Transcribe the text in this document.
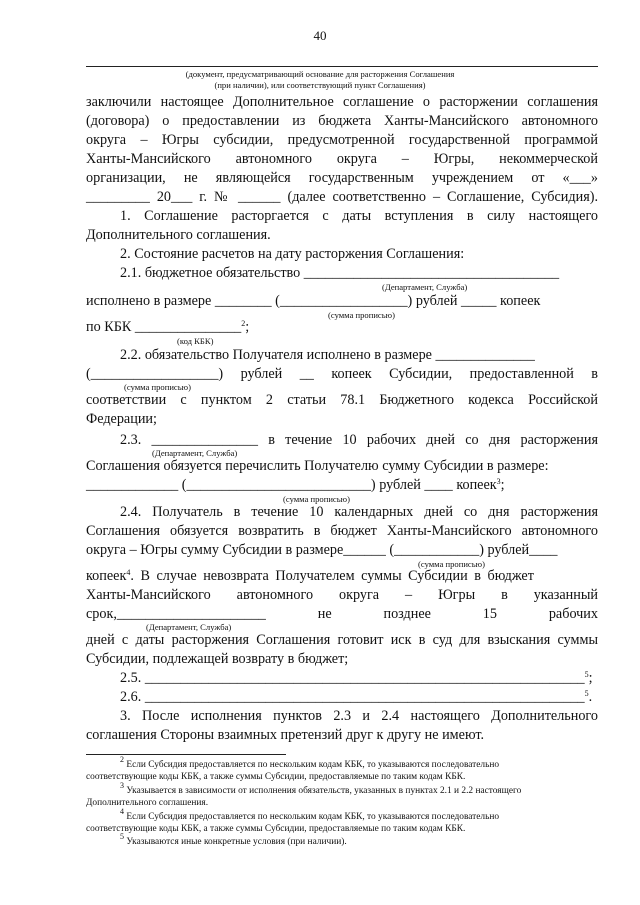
40
(документ, предусматривающий основание для расторжения Соглашения
(при наличии), или соответствующий пункт Соглашения)
заключили настоящее Дополнительное соглашение о расторжении соглашения
(договора) о предоставлении из бюджета Ханты-Мансийского автономного
округа – Югры субсидии, предусмотренной государственной программой
Ханты-Мансийского автономного округа – Югры, некоммерческой
организации, не являющейся государственным учреждением от «___»
_________ 20___ г. № ______ (далее соответственно – Соглашение, Субсидия).
1. Соглашение расторгается с даты вступления в силу настоящего
Дополнительного соглашения.
2. Состояние расчетов на дату расторжения Соглашения:
2.1. бюджетное обязательство ____________________________________
(Департамент, Служба)
исполнено в размере ________ (__________________) рублей _____ копеек
(сумма прописью)
по КБК _______________$^2$;
(код КБК)
2.2. обязательство Получателя исполнено в размере ______________
(__________________) рублей __ копеек Субсидии, предоставленной в
(сумма прописью)
соответствии с пунктом 2 статьи 78.1 Бюджетного кодекса Российской
Федерации;
2.3. _______________ в течение 10 рабочих дней со дня расторжения
(Департамент, Служба)
Соглашения обязуется перечислить Получателю сумму Субсидии в размере:
_____________ (__________________________) рублей ____ копеек$^3$;
(сумма прописью)
2.4. Получатель в течение 10 календарных дней со дня расторжения
Соглашения обязуется возвратить в бюджет Ханты-Мансийского автономного
округа – Югры сумму Субсидии в размере______ (____________) рублей____
(сумма прописью)
копеек$^4$. В случае невозврата Получателем суммы Субсидии в бюджет
Ханты-Мансийского автономного округа – Югры в указанный
срок,_____________________ не позднее 15 рабочих
(Департамент, Служба)
дней с даты расторжения Соглашения готовит иск в суд для взыскания суммы
Субсидии, подлежащей возврату в бюджет;
2.5. ______________________________________________________________$^5$;
2.6. ______________________________________________________________$^5$.
3. После исполнения пунктов 2.3 и 2.4 настоящего Дополнительного
соглашения Стороны взаимных претензий друг к другу не имеют.
$^2$ Если Субсидия предоставляется по нескольким кодам КБК, то указываются последовательно
соответствующие коды КБК, а также суммы Субсидии, предоставляемые по таким кодам КБК.
$^3$ Указывается в зависимости от исполнения обязательств, указанных в пунктах 2.1 и 2.2 настоящего
Дополнительного соглашения.
$^4$ Если Субсидия предоставляется по нескольким кодам КБК, то указываются последовательно
соответствующие коды КБК, а также суммы Субсидии, предоставляемые по таким кодам КБК.
$^5$ Указываются иные конкретные условия (при наличии).
